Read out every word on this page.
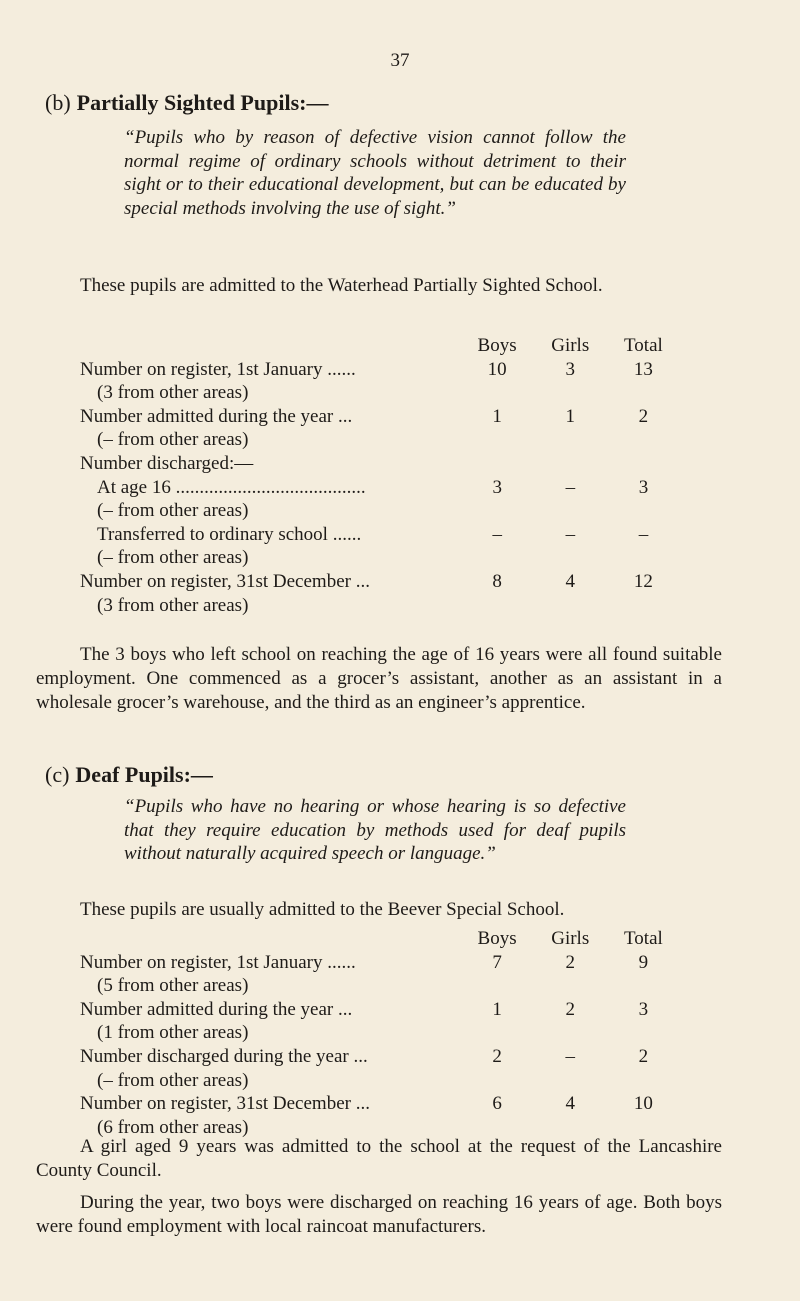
37
(b) Partially Sighted Pupils:—
“Pupils who by reason of defective vision cannot follow the normal regime of ordinary schools without detriment to their sight or to their educational development, but can be educated by special methods involving the use of sight.”
These pupils are admitted to the Waterhead Partially Sighted School.
Boys	Girls	Total
Number on register, 1st January ......	10	3	13
(3 from other areas)
Number admitted during the year ...	1	1	2
(– from other areas)
Number discharged:—
At age 16 ........................................	3	–	3
(– from other areas)
Transferred to ordinary school ......	–	–	–
(– from other areas)
Number on register, 31st December ...	8	4	12
(3 from other areas)
The 3 boys who left school on reaching the age of 16 years were all found suitable employment. One commenced as a grocer’s assistant, another as an assistant in a wholesale grocer’s warehouse, and the third as an engineer’s apprentice.
(c) Deaf Pupils:—
“Pupils who have no hearing or whose hearing is so defective that they require education by methods used for deaf pupils without naturally acquired speech or language.”
These pupils are usually admitted to the Beever Special School.
Boys	Girls	Total
Number on register, 1st January ......	7	2	9
(5 from other areas)
Number admitted during the year ...	1	2	3
(1 from other areas)
Number discharged during the year ...	2	–	2
(– from other areas)
Number on register, 31st December ...	6	4	10
(6 from other areas)
A girl aged 9 years was admitted to the school at the request of the Lancashire County Council.
During the year, two boys were discharged on reaching 16 years of age. Both boys were found employment with local raincoat manufacturers.
